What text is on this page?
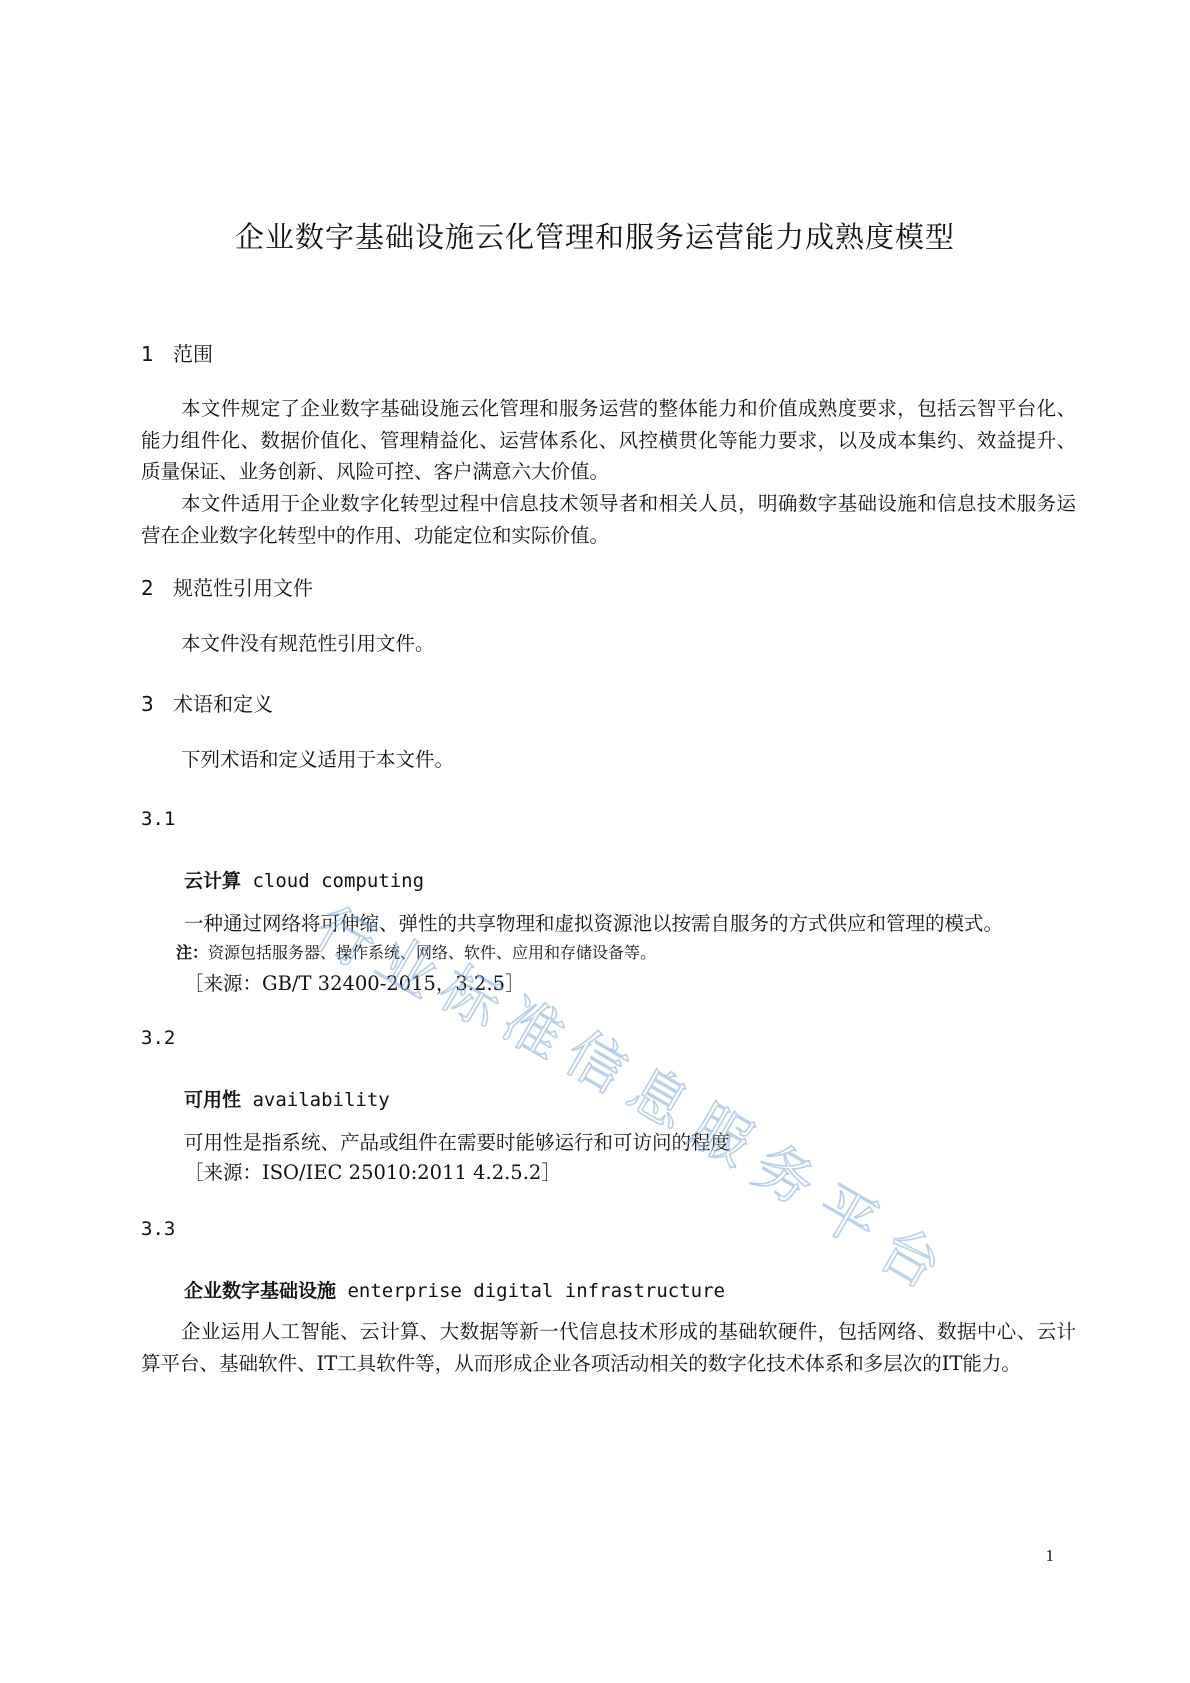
企业数字基础设施云化管理和服务运营能力成熟度模型
1 范围

本文件规定了企业数字基础设施云化管理和服务运营的整体能力和价值成熟度要求，包括云智平台化、能力组件化、数据价值化、管理精益化、运营体系化、风控横贯化等能力要求，以及成本集约、效益提升、质量保证、业务创新、风险可控、客户满意六大价值。

本文件适用于企业数字化转型过程中信息技术领导者和相关人员，明确数字基础设施和信息技术服务运营在企业数字化转型中的作用、功能定位和实际价值。

2 规范性引用文件

本文件没有规范性引用文件。

3 术语和定义

下列术语和定义适用于本文件。

3.1

云计算 cloud computing

一种通过网络将可伸缩、弹性的共享物理和虚拟资源池以按需自服务的方式供应和管理的模式。

注：资源包括服务器、操作系统、网络、软件、应用和存储设备等。

［来源：GB/T 32400-2015，3.2.5］

3.2

可用性 availability

可用性是指系统、产品或组件在需要时能够运行和可访问的程度

［来源：ISO/IEC 25010:2011 4.2.5.2］

3.3

企业数字基础设施 enterprise digital infrastructure

企业运用人工智能、云计算、大数据等新一代信息技术形成的基础软硬件，包括网络、数据中心、云计算平台、基础软件、IT工具软件等，从而形成企业各项活动相关的数字化技术体系和多层次的IT能力。

1
行
业
标
准
信
息
服
务
平
台
